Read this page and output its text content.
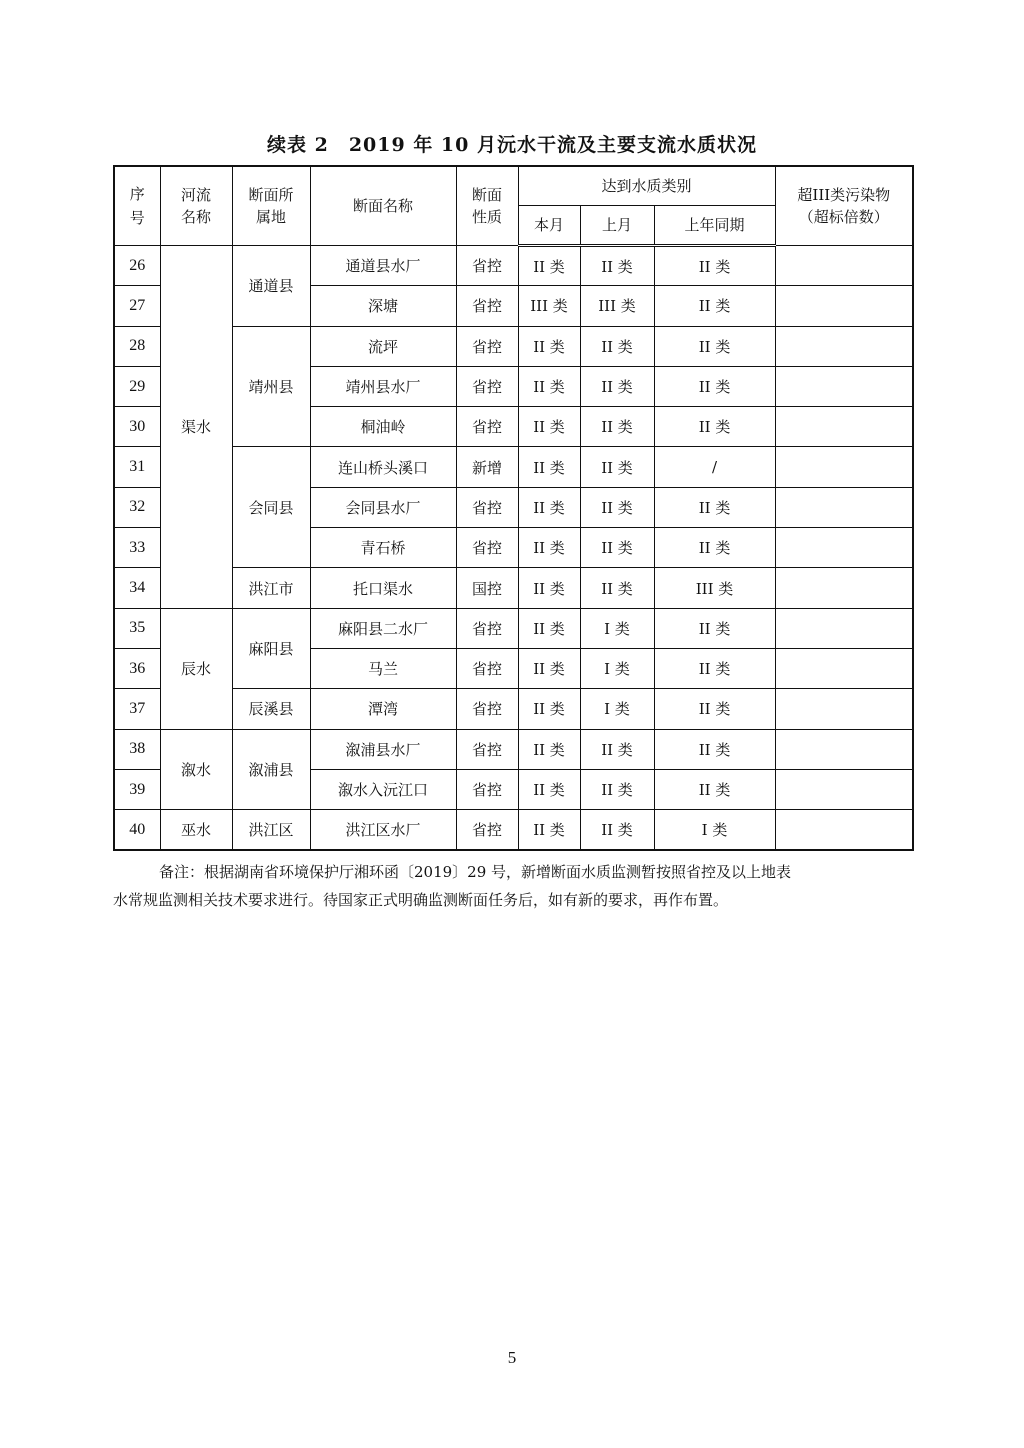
续表 2　2019 年 10 月沅水干流及主要支流水质状况
序号	河流名称	断面所属地	断面名称	断面性质	达到水质类别			超III类污染物（超标倍数）
					本月	上月	上年同期	
26	渠水	通道县	通道县水厂	省控	II 类	II 类	II 类	
27			深塘	省控	III 类	III 类	II 类	
28		靖州县	流坪	省控	II 类	II 类	II 类	
29			靖州县水厂	省控	II 类	II 类	II 类	
30			桐油岭	省控	II 类	II 类	II 类	
31		会同县	连山桥头溪口	新增	II 类	II 类	/	
32			会同县水厂	省控	II 类	II 类	II 类	
33			青石桥	省控	II 类	II 类	II 类	
34		洪江市	托口渠水	国控	II 类	II 类	III 类	
35	辰水	麻阳县	麻阳县二水厂	省控	II 类	I 类	II 类	
36			马兰	省控	II 类	I 类	II 类	
37		辰溪县	潭湾	省控	II 类	I 类	II 类	
38	溆水	溆浦县	溆浦县水厂	省控	II 类	II 类	II 类	
39			溆水入沅江口	省控	II 类	II 类	II 类	
40	巫水	洪江区	洪江区水厂	省控	II 类	II 类	I 类	

备注：根据湖南省环境保护厅湘环函〔2019〕29 号，新增断面水质监测暂按照省控及以上地表

水常规监测相关技术要求进行。待国家正式明确监测断面任务后，如有新的要求，再作布置。

5
